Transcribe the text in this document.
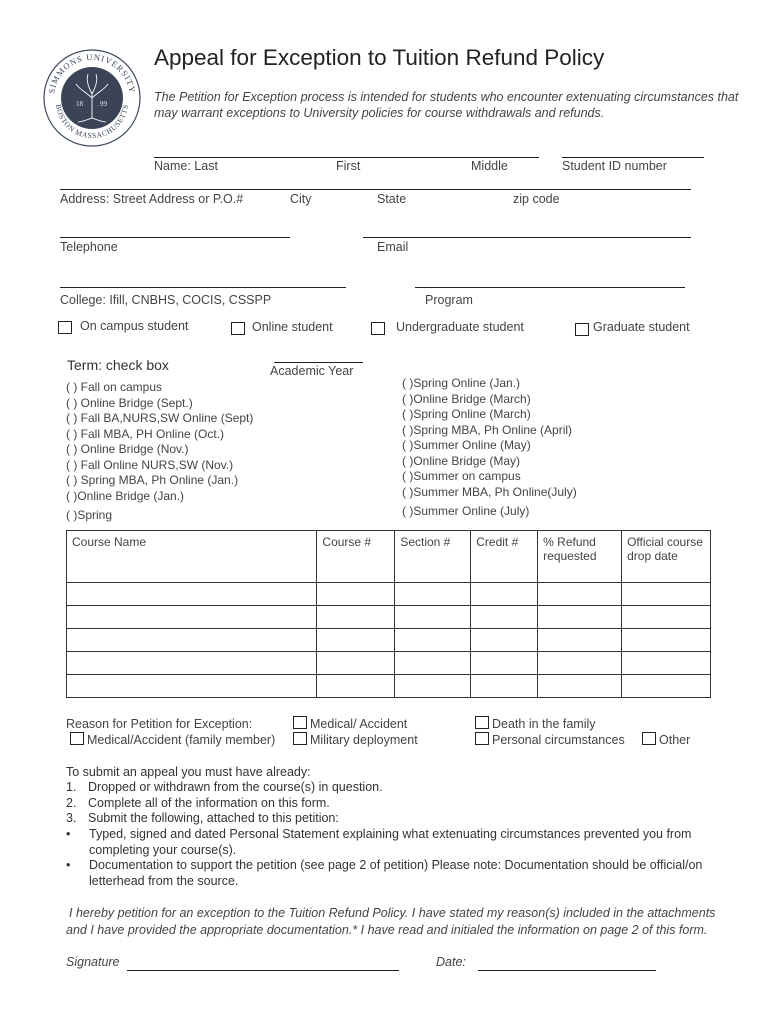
SIMMONS UNIVERSITY
BOSTON MASSACHUSETTS
18 99
Appeal for Exception to Tuition Refund Policy
The Petition for Exception process is intended for students who encounter extenuating circumstances that may warrant exceptions to University policies for course withdrawals and refunds.
Name: Last	First	Middle	Student ID number
Address: Street Address or P.O.#	City	State	zip code
Telephone	Email
College: Ifill, CNBHS, COCIS, CSSPP	Program
On campus student	Online student	Undergraduate student	Graduate student
Term: check box	Academic Year
( ) Fall on campus
( ) Online Bridge (Sept.)
( ) Fall BA,NURS,SW Online (Sept)
( ) Fall MBA, PH Online (Oct.)
( ) Online Bridge (Nov.)
( ) Fall Online NURS,SW (Nov.)
( ) Spring MBA, Ph Online (Jan.)
( )Online Bridge (Jan.)
( )Spring
( )Spring Online (Jan.)
( )Online Bridge (March)
( )Spring Online (March)
( )Spring MBA, Ph Online (April)
( )Summer Online (May)
( )Online Bridge (May)
( )Summer on campus
( )Summer MBA, Ph Online(July)
( )Summer Online (July)
Course Name	Course #	Section #	Credit #	% Refund requested	Official course drop date

Reason for Petition for Exception:	Medical/ Accident	Death in the family
Medical/Accident (family member)	Military deployment	Personal circumstances	Other
To submit an appeal you must have already:
1. Dropped or withdrawn from the course(s) in question.
2. Complete all of the information on this form.
3. Submit the following, attached to this petition:
• Typed, signed and dated Personal Statement explaining what extenuating circumstances prevented you from completing your course(s).
• Documentation to support the petition (see page 2 of petition) Please note: Documentation should be official/on letterhead from the source.
I hereby petition for an exception to the Tuition Refund Policy. I have stated my reason(s) included in the attachments and I have provided the appropriate documentation.* I have read and initialed the information on page 2 of this form.
Signature	Date:
